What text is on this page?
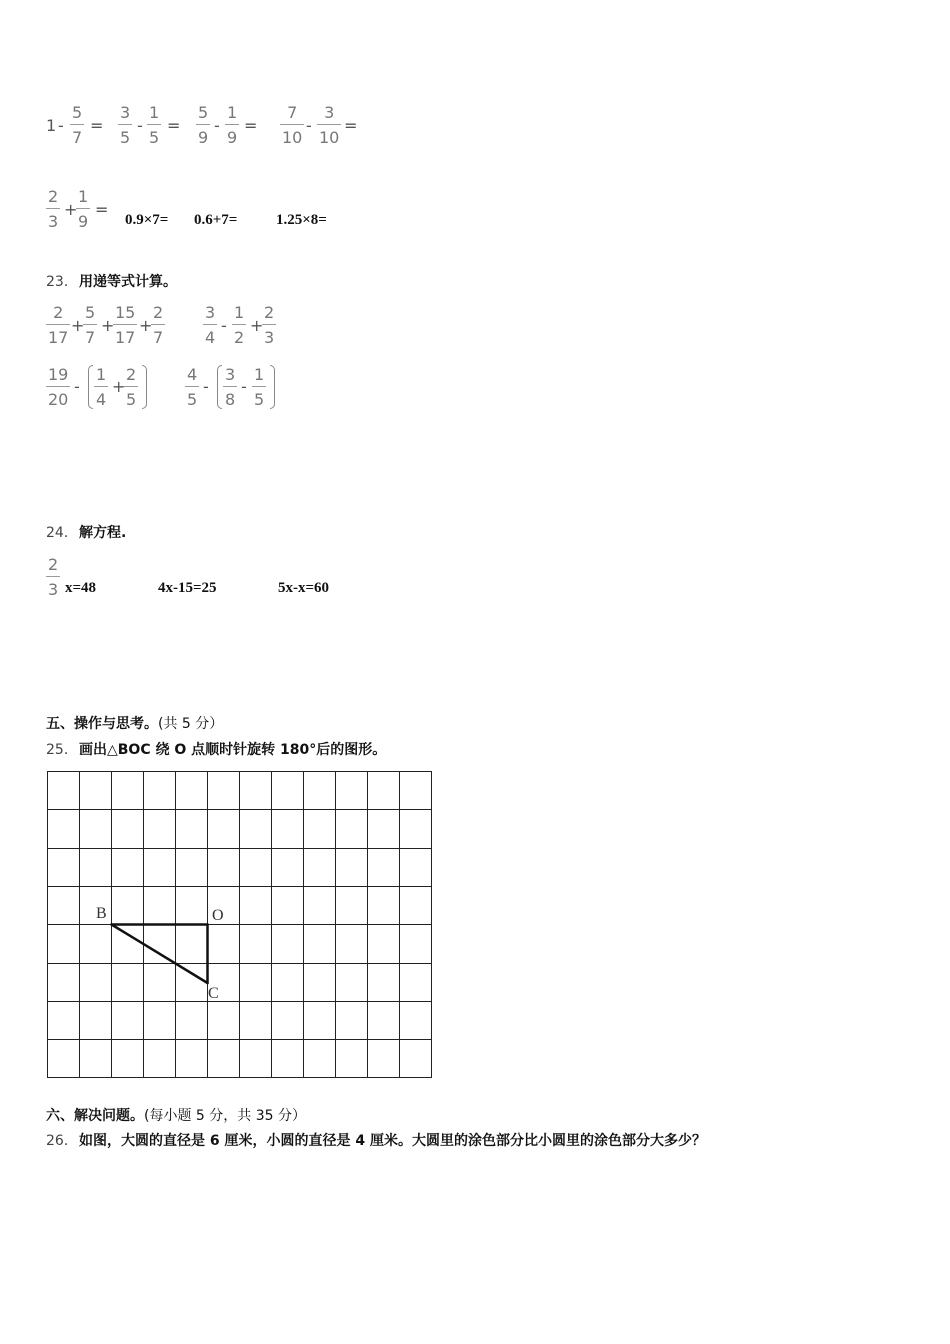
1 -
5
7
=
3
5
-
1
5
=
5
9
-
1
9
=
7
10
-
3
10
=
2
3
+
1
9
=
0.9×7= 0.6+7=	1.25×8=
23． 用递等式计算。
2
17
+
5
7
+
15
17
+
2
7
3
4
-
1
2
+
2
3
19
20
-
1
4
+
2
5
4
5
-
3
8
-
1
5
24． 解方程.
2
3 x=48	4x-15=25	5x-x=60
五、操作与思考。(共 5 分）
25． 画出△BOC 绕 O 点顺时针旋转 180°后的图形。
B	O
C
六、解决问题。(每小题 5 分，共 35 分）
26． 如图，大圆的直径是 6 厘米，小圆的直径是 4 厘米。大圆里的涂色部分比小圆里的涂色部分大多少？
